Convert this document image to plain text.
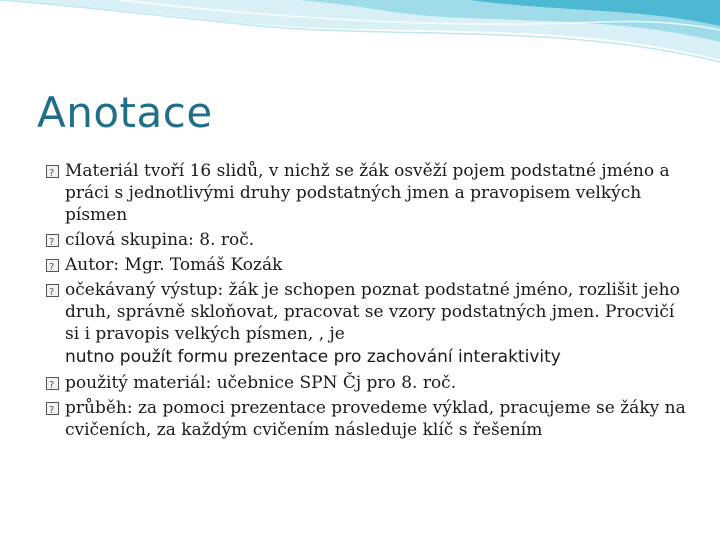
Anotace
?
Materiál tvoří 16 slidů, v nichž se žák osvěží pojem podstatné jméno a práci s jednotlivými druhy podstatných jmen a pravopisem velkých písmen
?
cílová skupina: 8. roč.
?
Autor: Mgr. Tomáš Kozák
?
očekávaný výstup: žák je schopen poznat podstatné jméno, rozlišit jeho druh, správně skloňovat, pracovat se vzory podstatných jmen. Procvičí si i pravopis velkých písmen, , je
nutno použít formu prezentace pro zachování interaktivity
?
použitý materiál: učebnice SPN Čj pro 8. roč.
?
průběh: za pomoci prezentace provedeme výklad, pracujeme se žáky na cvičeních, za každým cvičením následuje klíč s řešením
